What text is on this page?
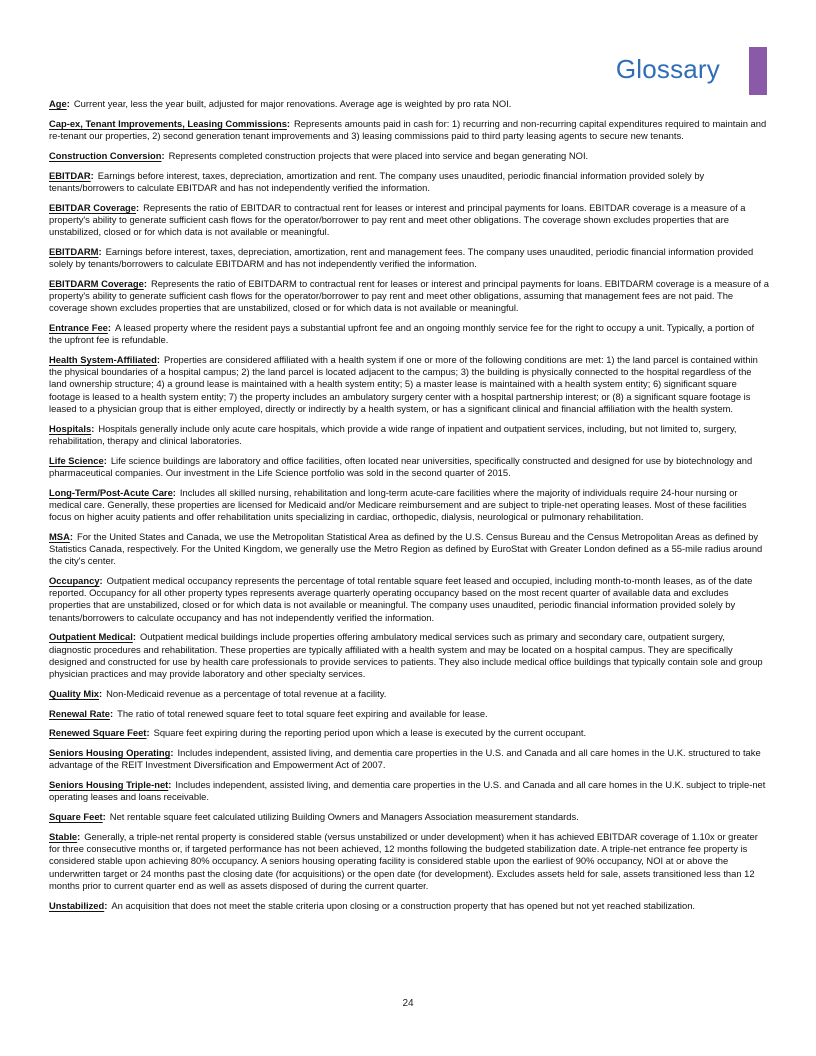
Glossary

Age: Current year, less the year built, adjusted for major renovations. Average age is weighted by pro rata NOI.

Cap-ex, Tenant Improvements, Leasing Commissions: Represents amounts paid in cash for: 1) recurring and non-recurring capital expenditures required to maintain and re-tenant our properties, 2) second generation tenant improvements and 3) leasing commissions paid to third party leasing agents to secure new tenants.

Construction Conversion: Represents completed construction projects that were placed into service and began generating NOI.

EBITDAR: Earnings before interest, taxes, depreciation, amortization and rent. The company uses unaudited, periodic financial information provided solely by tenants/borrowers to calculate EBITDAR and has not independently verified the information.

EBITDAR Coverage: Represents the ratio of EBITDAR to contractual rent for leases or interest and principal payments for loans. EBITDAR coverage is a measure of a property's ability to generate sufficient cash flows for the operator/borrower to pay rent and meet other obligations. The coverage shown excludes properties that are unstabilized, closed or for which data is not available or meaningful.

EBITDARM: Earnings before interest, taxes, depreciation, amortization, rent and management fees. The company uses unaudited, periodic financial information provided solely by tenants/borrowers to calculate EBITDARM and has not independently verified the information.

EBITDARM Coverage: Represents the ratio of EBITDARM to contractual rent for leases or interest and principal payments for loans. EBITDARM coverage is a measure of a property's ability to generate sufficient cash flows for the operator/borrower to pay rent and meet other obligations, assuming that management fees are not paid. The coverage shown excludes properties that are unstabilized, closed or for which data is not available or meaningful.

Entrance Fee: A leased property where the resident pays a substantial upfront fee and an ongoing monthly service fee for the right to occupy a unit. Typically, a portion of the upfront fee is refundable.

Health System-Affiliated: Properties are considered affiliated with a health system if one or more of the following conditions are met: 1) the land parcel is contained within the physical boundaries of a hospital campus; 2) the land parcel is located adjacent to the campus; 3) the building is physically connected to the hospital regardless of the land ownership structure; 4) a ground lease is maintained with a health system entity; 5) a master lease is maintained with a health system entity; 6) significant square footage is leased to a health system entity; 7) the property includes an ambulatory surgery center with a hospital partnership interest; or (8) a significant square footage is leased to a physician group that is either employed, directly or indirectly by a health system, or has a significant clinical and financial affiliation with the health system.

Hospitals: Hospitals generally include only acute care hospitals, which provide a wide range of inpatient and outpatient services, including, but not limited to, surgery, rehabilitation, therapy and clinical laboratories.

Life Science: Life science buildings are laboratory and office facilities, often located near universities, specifically constructed and designed for use by biotechnology and pharmaceutical companies. Our investment in the Life Science portfolio was sold in the second quarter of 2015.

Long-Term/Post-Acute Care: Includes all skilled nursing, rehabilitation and long-term acute-care facilities where the majority of individuals require 24-hour nursing or medical care. Generally, these properties are licensed for Medicaid and/or Medicare reimbursement and are subject to triple-net operating leases. Most of these facilities focus on higher acuity patients and offer rehabilitation units specializing in cardiac, orthopedic, dialysis, neurological or pulmonary rehabilitation.

MSA: For the United States and Canada, we use the Metropolitan Statistical Area as defined by the U.S. Census Bureau and the Census Metropolitan Areas as defined by Statistics Canada, respectively. For the United Kingdom, we generally use the Metro Region as defined by EuroStat with Greater London defined as a 55-mile radius around the city's center.

Occupancy: Outpatient medical occupancy represents the percentage of total rentable square feet leased and occupied, including month-to-month leases, as of the date reported. Occupancy for all other property types represents average quarterly operating occupancy based on the most recent quarter of available data and excludes properties that are unstabilized, closed or for which data is not available or meaningful. The company uses unaudited, periodic financial information provided solely by tenants/borrowers to calculate occupancy and has not independently verified the information.

Outpatient Medical: Outpatient medical buildings include properties offering ambulatory medical services such as primary and secondary care, outpatient surgery, diagnostic procedures and rehabilitation. These properties are typically affiliated with a health system and may be located on a hospital campus. They are specifically designed and constructed for use by health care professionals to provide services to patients. They also include medical office buildings that typically contain sole and group physician practices and may provide laboratory and other specialty services.

Quality Mix: Non-Medicaid revenue as a percentage of total revenue at a facility.

Renewal Rate: The ratio of total renewed square feet to total square feet expiring and available for lease.

Renewed Square Feet: Square feet expiring during the reporting period upon which a lease is executed by the current occupant.

Seniors Housing Operating: Includes independent, assisted living, and dementia care properties in the U.S. and Canada and all care homes in the U.K. structured to take advantage of the REIT Investment Diversification and Empowerment Act of 2007.

Seniors Housing Triple-net: Includes independent, assisted living, and dementia care properties in the U.S. and Canada and all care homes in the U.K. subject to triple-net operating leases and loans receivable.

Square Feet: Net rentable square feet calculated utilizing Building Owners and Managers Association measurement standards.

Stable: Generally, a triple-net rental property is considered stable (versus unstabilized or under development) when it has achieved EBITDAR coverage of 1.10x or greater for three consecutive months or, if targeted performance has not been achieved, 12 months following the budgeted stabilization date. A triple-net entrance fee property is considered stable upon achieving 80% occupancy. A seniors housing operating facility is considered stable upon the earliest of 90% occupancy, NOI at or above the underwritten target or 24 months past the closing date (for acquisitions) or the open date (for development). Excludes assets held for sale, assets transitioned less than 12 months prior to current quarter end as well as assets disposed of during the current quarter.

Unstabilized: An acquisition that does not meet the stable criteria upon closing or a construction property that has opened but not yet reached stabilization.

24
